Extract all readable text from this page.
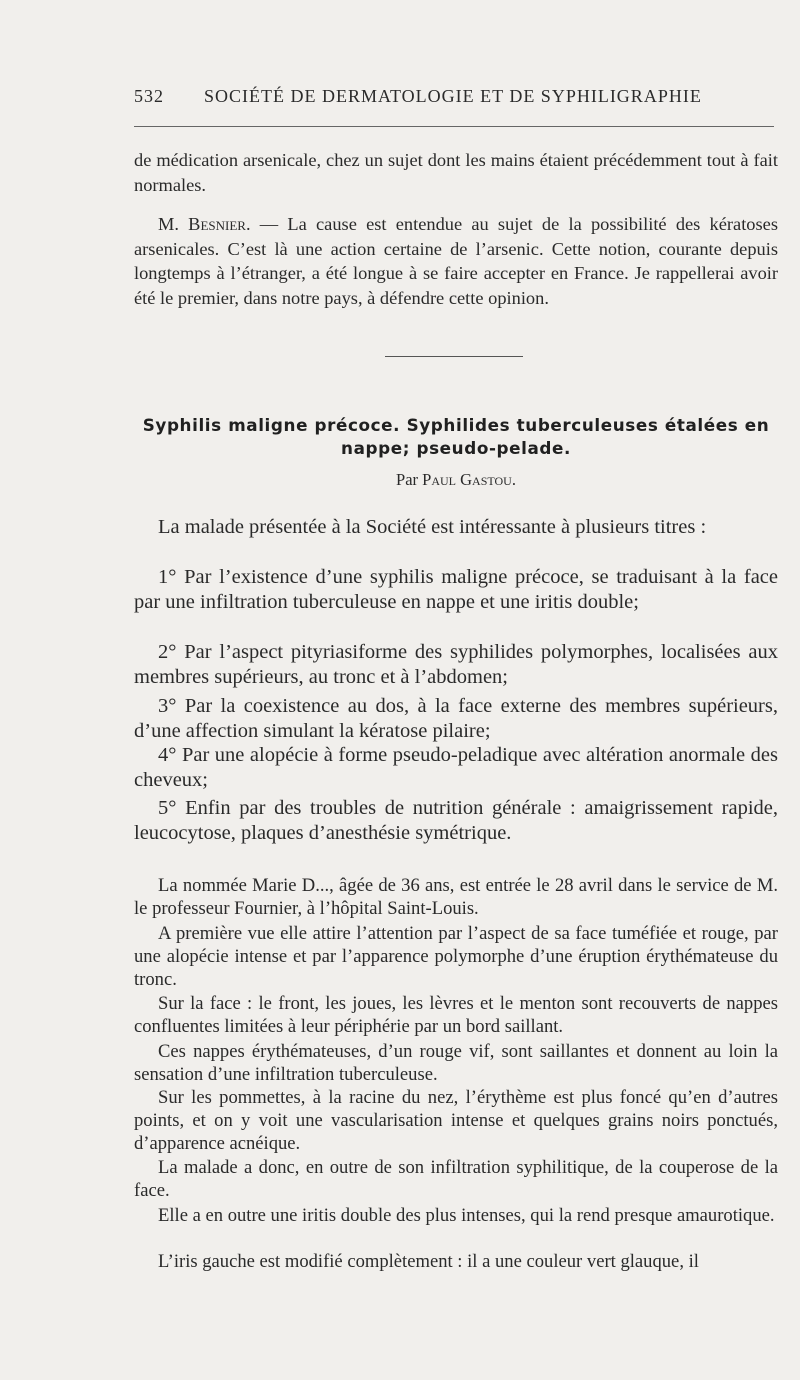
532 SOCIÉTÉ DE DERMATOLOGIE ET DE SYPHILIGRAPHIE

de médication arsenicale, chez un sujet dont les mains étaient précédemment tout à fait normales.

M. Besnier. — La cause est entendue au sujet de la possibilité des kératoses arsenicales. C’est là une action certaine de l’arsenic. Cette notion, courante depuis longtemps à l’étranger, a été longue à se faire accepter en France. Je rappellerai avoir été le premier, dans notre pays, à défendre cette opinion.

Syphilis maligne précoce. Syphilides tuberculeuses étalées en nappe; pseudo-pelade.
Par Paul Gastou.

La malade présentée à la Société est intéressante à plusieurs titres :

1° Par l’existence d’une syphilis maligne précoce, se traduisant à la face par une infiltration tuberculeuse en nappe et une iritis double;

2° Par l’aspect pityriasiforme des syphilides polymorphes, localisées aux membres supérieurs, au tronc et à l’abdomen;

3° Par la coexistence au dos, à la face externe des membres supérieurs, d’une affection simulant la kératose pilaire;

4° Par une alopécie à forme pseudo-peladique avec altération anormale des cheveux;

5° Enfin par des troubles de nutrition générale : amaigrissement rapide, leucocytose, plaques d’anesthésie symétrique.

La nommée Marie D..., âgée de 36 ans, est entrée le 28 avril dans le service de M. le professeur Fournier, à l’hôpital Saint-Louis.

A première vue elle attire l’attention par l’aspect de sa face tuméfiée et rouge, par une alopécie intense et par l’apparence polymorphe d’une éruption érythémateuse du tronc.

Sur la face : le front, les joues, les lèvres et le menton sont recouverts de nappes confluentes limitées à leur périphérie par un bord saillant.

Ces nappes érythémateuses, d’un rouge vif, sont saillantes et donnent au loin la sensation d’une infiltration tuberculeuse.

Sur les pommettes, à la racine du nez, l’érythème est plus foncé qu’en d’autres points, et on y voit une vascularisation intense et quelques grains noirs ponctués, d’apparence acnéique.

La malade a donc, en outre de son infiltration syphilitique, de la couperose de la face.

Elle a en outre une iritis double des plus intenses, qui la rend presque amaurotique.

L’iris gauche est modifié complètement : il a une couleur vert glauque, il
